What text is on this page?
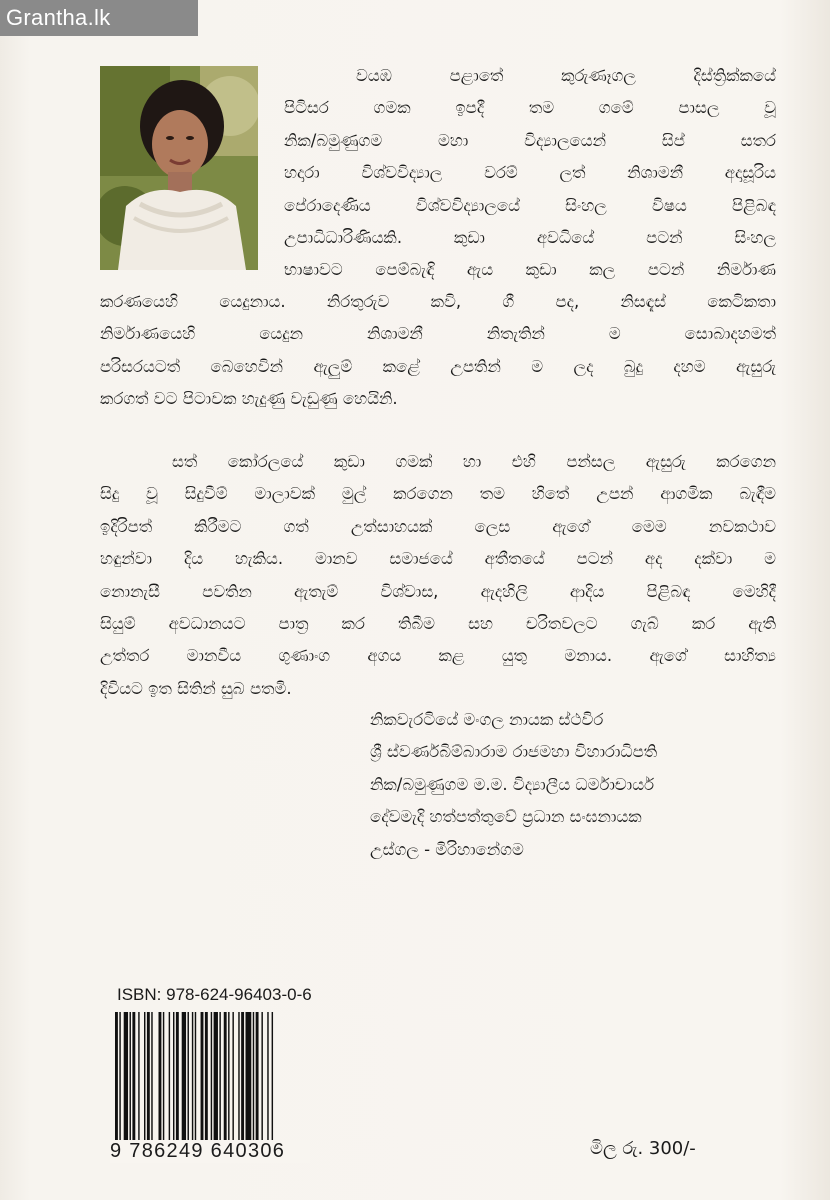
Grantha.lk
වයඹ පළාතේ කුරුණෑගල දිස්ත්‍රික්කයේ
පිටිසර ගමක ඉපදී තම ගමේ පාසල වූ
නික/බමුණුගම මහා විද්‍යාලයෙන් සිප් සතර
හදාරා විශ්වවිද්‍යාල වරම් ලත් නිශාමනී අදාසූරිය
පේරාදෙණිය විශ්වවිද්‍යාලයේ සිංහල විෂය පිළිබඳ
උපාධිධාරිණියකි. කුඩා අවධියේ පටන් සිංහල
භාෂාවට පෙම්බැඳි ඇය කුඩා කල පටන් නිර්මාණ
කරණයෙහි යෙදුනාය. නිරතුරුව කවි, ගී පද, නිසඳැස් කෙටිකතා
නිර්මාණයෙහි යෙදුන නිශාමනී නිතැතින් ම සොබාදහමත්
පරිසරයටත් බෙහෙවින් ඇලුම් කළේ උපතින් ම ලද බුදු දහම ඇසුරු
කරගත් වට පිටාවක හැදුණු වැඩුණු හෙයිනි.
සත් කෝරලයේ කුඩා ගමක් හා එහි පන්සල ඇසුරු කරගෙන
සිදු වූ සිදුවීම් මාලාවක් මුල් කරගෙන තම හිතේ උපන් ආගමික බැඳීම
ඉදිරිපත් කිරීමට ගත් උත්සාහයක් ලෙස ඇගේ මෙම නවකථාව
හඳුන්වා දිය හැකිය. මානව සමාජයේ අතීතයේ පටන් අද දක්වා ම
නොනැසී පවතින ඇතැම් විශ්වාස, ඇදහිලි ආදිය පිළිබඳ මෙහිදී
සියුම් අවධානයට පාත්‍ර කර තිබීම සහ චරිතවලට ගැබ් කර ඇති
උත්තර මානවීය ගුණාංග අගය කළ යුතු මනාය. ඇගේ සාහිත්‍ය
දිවියට ඉත සිතින් සුබ පතමි.
නිකවැරටියේ මංගල නායක ස්ථවිර
ශ්‍රී ස්වර්ණබිම්බාරාම රාජමහා විහාරාධිපති
නික/බමුණුගම ම.ම. විද්‍යාලීය ධර්මාචාර්ය
දේවමැදි හත්පත්තුවේ ප්‍රධාන සංඝනායක
උස්ගල - මිරිහානේගම
ISBN: 978-624-96403-0-6
9 786249 640306	මිල රු. 300/-
